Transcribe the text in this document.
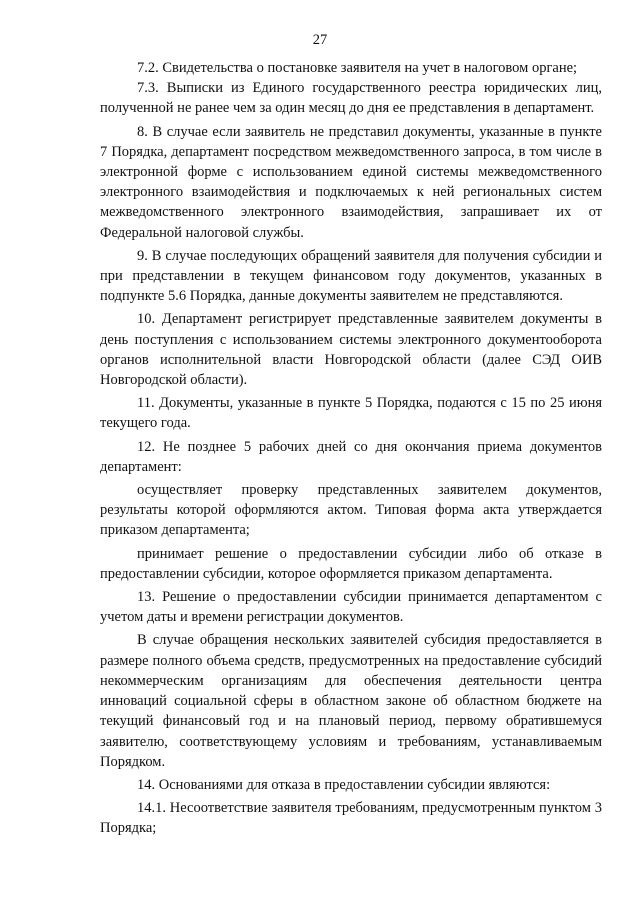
27

7.2. Свидетельства о постановке заявителя на учет в налоговом органе;

7.3. Выписки из Единого государственного реестра юридических лиц, полученной не ранее чем за один месяц до дня ее представления в департамент.

8. В случае если заявитель не представил документы, указанные в пункте 7 Порядка, департамент посредством межведомственного запроса, в том числе в электронной форме с использованием единой системы межведомственного электронного взаимодействия и подключаемых к ней региональных систем межведомственного электронного взаимодействия, запрашивает их от Федеральной налоговой службы.

9. В случае последующих обращений заявителя для получения субсидии и при представлении в текущем финансовом году документов, указанных в подпункте 5.6 Порядка, данные документы заявителем не представляются.

10. Департамент регистрирует представленные заявителем документы в день поступления с использованием системы электронного документооборота органов исполнительной власти Новгородской области (далее СЭД ОИВ Новгородской области).

11. Документы, указанные в пункте 5 Порядка, подаются с 15 по 25 июня текущего года.

12. Не позднее 5 рабочих дней со дня окончания приема документов департамент:

осуществляет проверку представленных заявителем документов, результаты которой оформляются актом. Типовая форма акта утверждается приказом департамента;

принимает решение о предоставлении субсидии либо об отказе в предоставлении субсидии, которое оформляется приказом департамента.

13. Решение о предоставлении субсидии принимается департаментом с учетом даты и времени регистрации документов.

В случае обращения нескольких заявителей субсидия предоставляется в размере полного объема средств, предусмотренных на предоставление субсидий некоммерческим организациям для обеспечения деятельности центра инноваций социальной сферы в областном законе об областном бюджете на текущий финансовый год и на плановый период, первому обратившемуся заявителю, соответствующему условиям и требованиям, устанавливаемым Порядком.

14. Основаниями для отказа в предоставлении субсидии являются:

14.1. Несоответствие заявителя требованиям, предусмотренным пунктом 3 Порядка;
